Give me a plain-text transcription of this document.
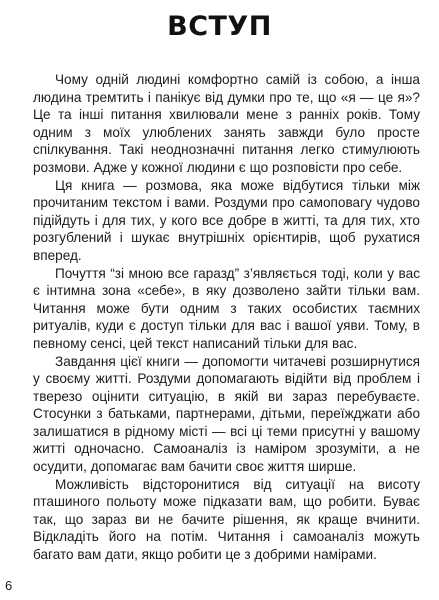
ВСТУП

Чому одній людині комфортно самій із собою, а інша людина тремтить і панікує від думки про те, що «я — це я»? Це та інші питання хвилювали мене з ранніх років. Тому одним з моїх улюблених занять завжди було просте спілкування. Такі неоднозначні питання легко стимулюють розмови. Адже у кожної людини є що розповісти про себе.

Ця книга — розмова, яка може відбутися тільки між прочитаним текстом і вами. Роздуми про самоповагу чудово підійдуть і для тих, у кого все добре в житті, та для тих, хто розгублений і шукає внутрішніх орієнтирів, щоб рухатися вперед.

Почуття “зі мною все гаразд” з’являється тоді, коли у вас є інтимна зона «себе», в яку дозволено зайти тільки вам. Читання може бути одним з таких особистих таємних ритуалів, куди є доступ тільки для вас і вашої уяви. Тому, в певному сенсі, цей текст написаний тільки для вас.

Завдання цієї книги — допомогти читачеві розширнутися у своєму житті. Роздуми допомагають відійти від проблем і тверезо оцінити ситуацію, в якій ви зараз перебуваєте. Стосунки з батьками, партнерами, дітьми, переїжджати або залишатися в рідному місті — всі ці теми присутні у вашому житті одночасно. Самоаналіз із наміром зрозуміти, а не осудити, допомагає вам бачити своє життя ширше.

Можливість відсторонитися від ситуації на висоту пташиного польоту може підказати вам, що робити. Буває так, що зараз ви не бачите рішення, як краще вчинити. Відкладіть його на потім. Читання і самоаналіз можуть багато вам дати, якщо робити це з добрими намірами.

6
